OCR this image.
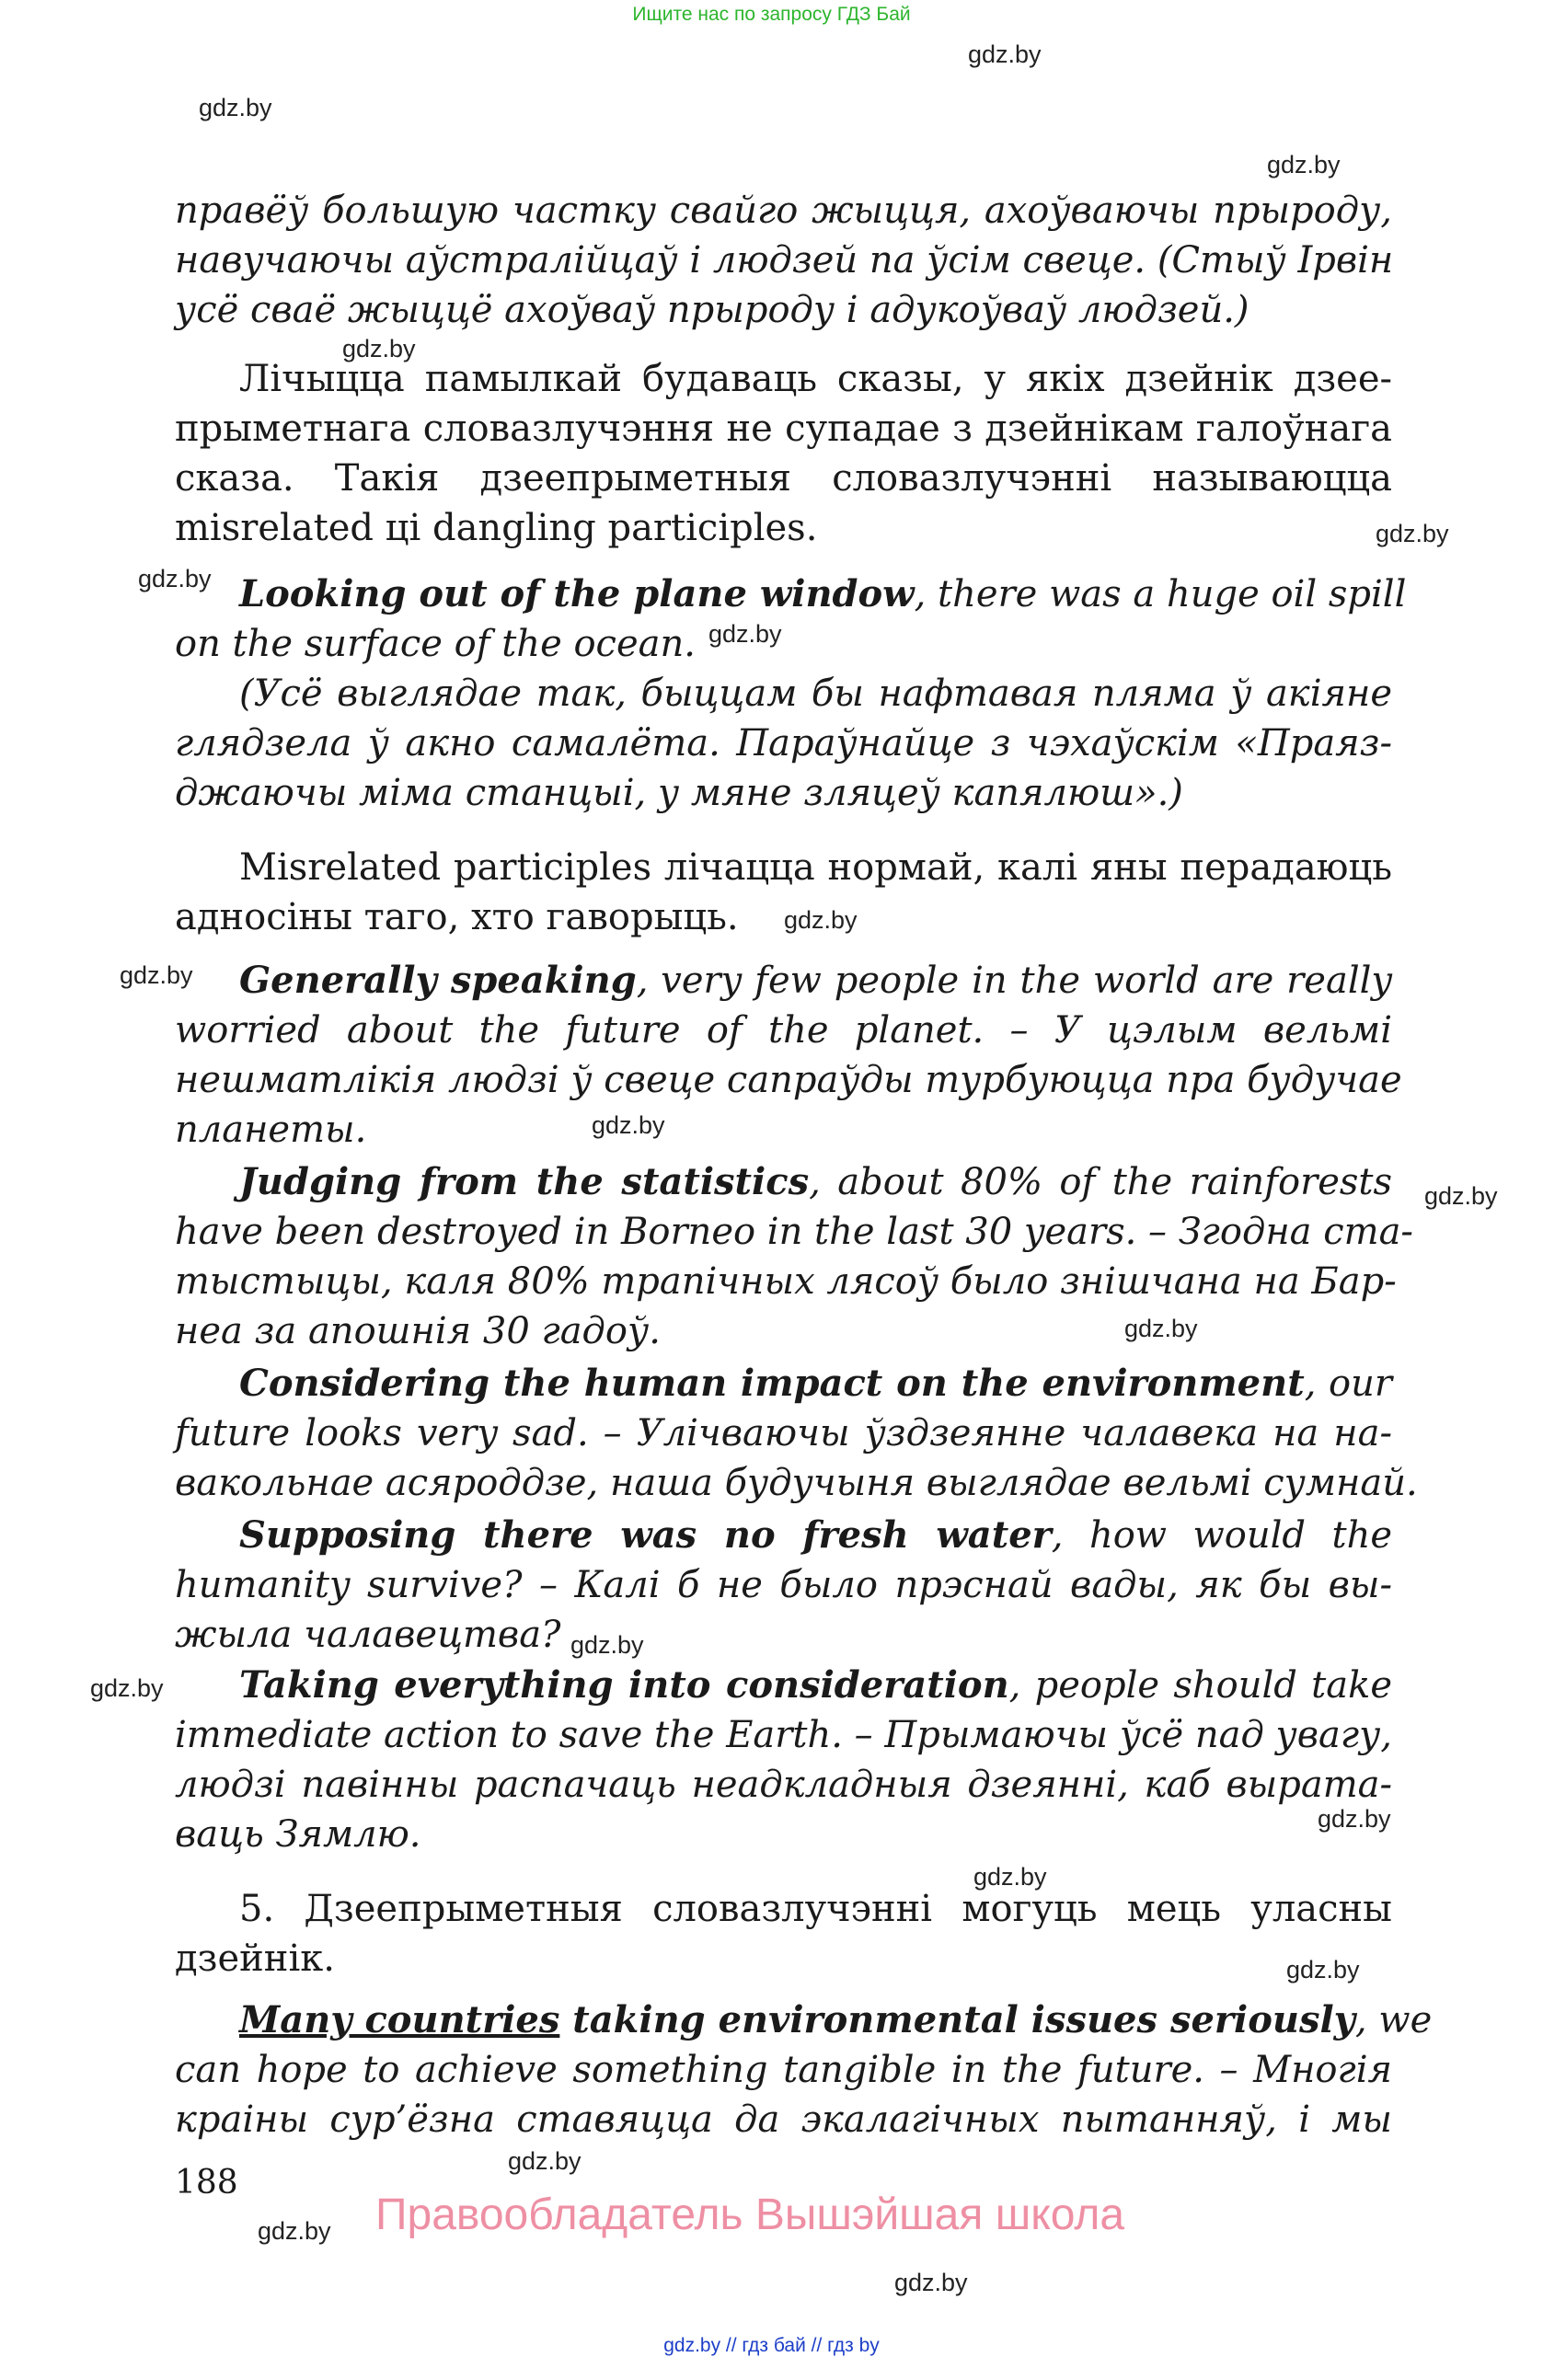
Ищите нас по запросу ГДЗ Бай
gdz.by
gdz.by
gdz.by
gdz.by
gdz.by
gdz.by
gdz.by
gdz.by
gdz.by
gdz.by
gdz.by
gdz.by
gdz.by
gdz.by
gdz.by
gdz.by
gdz.by
gdz.by
gdz.by
gdz.by
правёў большую частку свайго жыцця, ахоўваючы прыроду,
навучаючы аўстралійцаў і людзей па ўсім свеце. (Стыў Ірвін
усё сваё жыццё ахоўваў прыроду і адукоўваў людзей.)
Лічыцца памылкай будаваць сказы, у якіх дзейнік дзее-
прыметнага словазлучэння не супадае з дзейнікам галоўнага
сказа. Такія дзеепрыметныя словазлучэнні называюцца
misrelated ці dangling participles.
Looking out of the plane window, there was a huge oil spill
on the surface of the ocean.
(Усё выглядае так, быццам бы нафтавая пляма ў акіяне
глядзела ў акно самалёта. Параўнайце з чэхаўскім «Праяз-
джаючы міма станцыі, у мяне зляцеў капялюш».)
Misrelated participles лічацца нормай, калі яны перадаюць
адносіны таго, хто гаворыць.
Generally speaking, very few people in the world are really
worried about the future of the planet. – У цэлым вельмі
нешматлікія людзі ў свеце сапраўды турбуюцца пра будучае
планеты.
Judging from the statistics, about 80% of the rainforests
have been destroyed in Borneo in the last 30 years. – Згодна ста-
тыстыцы, каля 80% трапічных лясоў было знішчана на Бар-
неа за апошнія 30 гадоў.
Considering the human impact on the environment, our
future looks very sad. – Улічваючы ўздзеянне чалавека на на-
вакольнае асяроддзе, наша будучыня выглядае вельмі сумнай.
Supposing there was no fresh water, how would the
humanity survive? – Калі б не было прэснай вады, як бы вы-
жыла чалавецтва?
Taking everything into consideration, people should take
immediate action to save the Earth. – Прымаючы ўсё пад увагу,
людзі павінны распачаць неадкладныя дзеянні, каб вырата-
ваць Зямлю.
5. Дзеепрыметныя словазлучэнні могуць мець уласны
дзейнік.
Many countries taking environmental issues seriously, we
can hope to achieve something tangible in the future. – Многія
краіны сур’ёзна ставяцца да экалагічных пытанняў, і мы
188
Правообладатель Вышэйшая школа
gdz.by // гдз бай // гдз by
